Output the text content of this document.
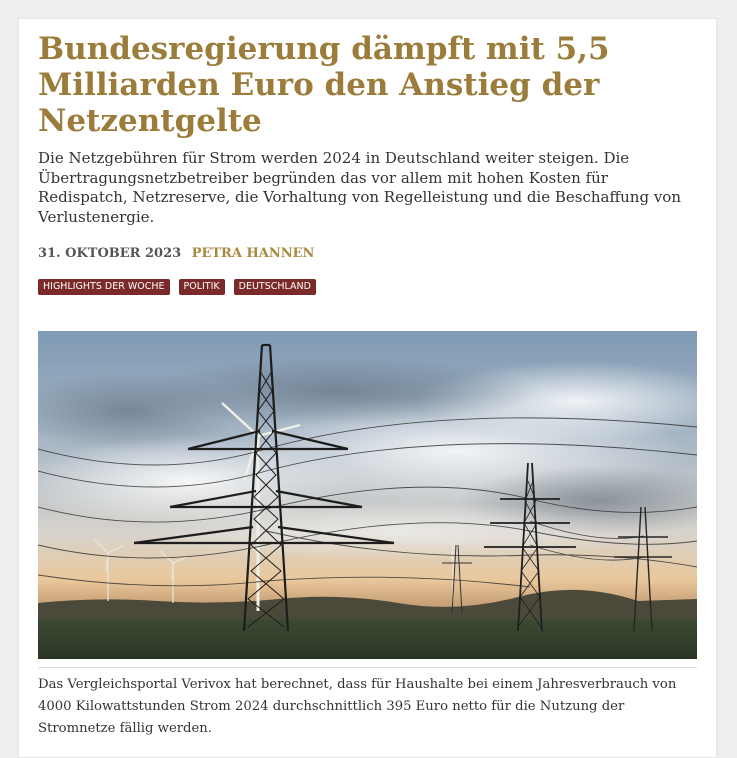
Bundesregierung dämpft mit 5,5 Milliarden Euro den Anstieg der Netzentgelte

Die Netzgebühren für Strom werden 2024 in Deutschland weiter steigen. Die Übertragungsnetzbetreiber begründen das vor allem mit hohen Kosten für Redispatch, Netzreserve, die Vorhaltung von Regelleistung und die Beschaffung von Verlustenergie.

31. OKTOBER 2023 PETRA HANNEN
HIGHLIGHTS DER WOCHE	POLITIK	DEUTSCHLAND

Das Vergleichsportal Verivox hat berechnet, dass für Haushalte bei einem Jahresverbrauch von 4000 Kilowattstunden Strom 2024 durchschnittlich 395 Euro netto für die Nutzung der Stromnetze fällig werden.
